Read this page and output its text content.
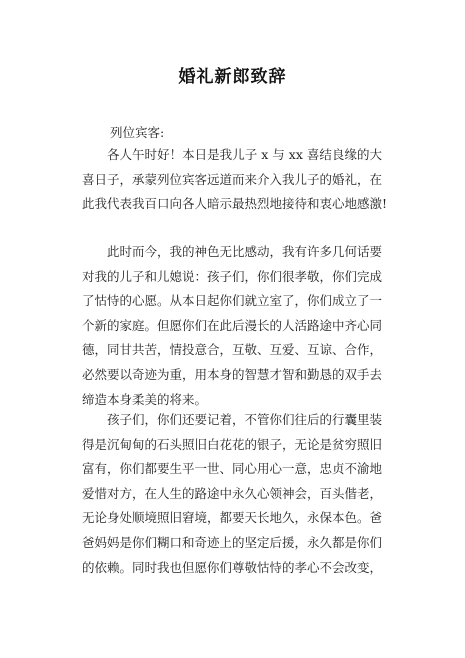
婚礼新郎致辞
列位宾客:
各人午时好！本日是我儿子 x 与 xx 喜结良缘的大
喜日子，承蒙列位宾客远道而来介入我儿子的婚礼，在
此我代表我百口向各人暗示最热烈地接待和衷心地感激!
此时而今，我的神色无比感动，我有许多几何话要
对我的儿子和儿媳说：孩子们，你们很孝敬，你们完成
了怙恃的心愿。从本日起你们就立室了，你们成立了一
个新的家庭。但愿你们在此后漫长的人活路途中齐心同
德，同甘共苦，情投意合，互敬、互爱、互谅、合作，
必然要以奇迹为重，用本身的智慧才智和勤恳的双手去
缔造本身柔美的将来。
孩子们，你们还要记着，不管你们往后的行囊里装
得是沉甸甸的石头照旧白花花的银子，无论是贫穷照旧
富有，你们都要生平一世、同心用心一意，忠贞不渝地
爱惜对方，在人生的路途中永久心领神会，百头偕老，
无论身处顺境照旧窘境，都要天长地久，永保本色。爸
爸妈妈是你们糊口和奇迹上的坚定后援，永久都是你们
的依赖。同时我也但愿你们尊敬怙恃的孝心不会改变，
